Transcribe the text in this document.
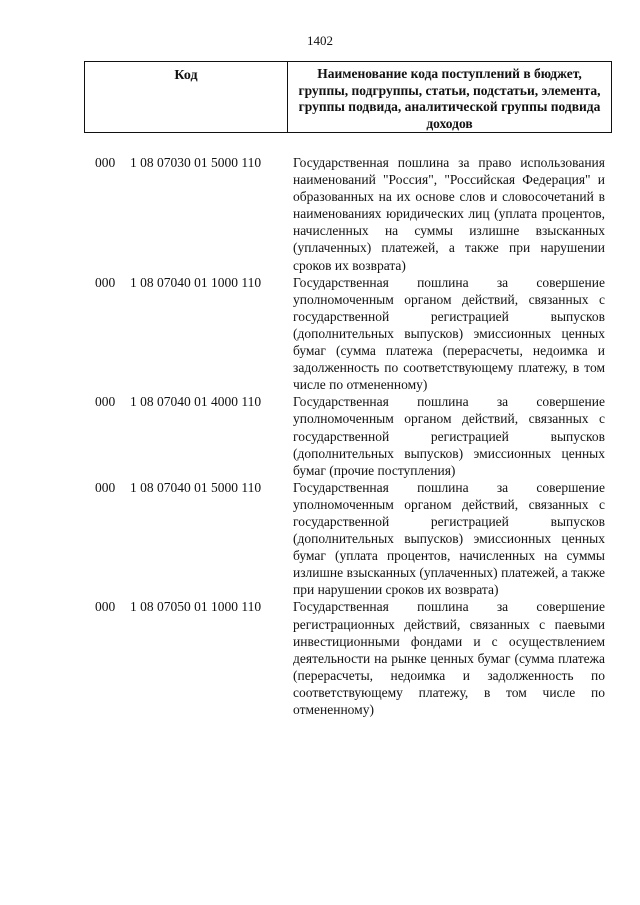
1402
Код	Наименование кода поступлений в бюджет, группы, подгруппы, статьи, подстатьи, элемента, группы подвида, аналитической группы подвида доходов
000	1 08 07030 01 5000 110	Государственная пошлина за право использования наименований "Россия", "Российская Федерация" и образованных на их основе слов и словосочетаний в наименованиях юридических лиц (уплата процентов, начисленных на суммы излишне взысканных (уплаченных) платежей, а также при нарушении сроков их возврата)
000	1 08 07040 01 1000 110	Государственная пошлина за совершение уполномоченным органом действий, связанных с государственной регистрацией выпусков (дополнительных выпусков) эмиссионных ценных бумаг (сумма платежа (перерасчеты, недоимка и задолженность по соответствующему платежу, в том числе по отмененному)
000	1 08 07040 01 4000 110	Государственная пошлина за совершение уполномоченным органом действий, связанных с государственной регистрацией выпусков (дополнительных выпусков) эмиссионных ценных бумаг (прочие поступления)
000	1 08 07040 01 5000 110	Государственная пошлина за совершение уполномоченным органом действий, связанных с государственной регистрацией выпусков (дополнительных выпусков) эмиссионных ценных бумаг (уплата процентов, начисленных на суммы излишне взысканных (уплаченных) платежей, а также при нарушении сроков их возврата)
000	1 08 07050 01 1000 110	Государственная пошлина за совершение регистрационных действий, связанных с паевыми инвестиционными фондами и с осуществлением деятельности на рынке ценных бумаг (сумма платежа (перерасчеты, недоимка и задолженность по соответствующему платежу, в том числе по отмененному)
